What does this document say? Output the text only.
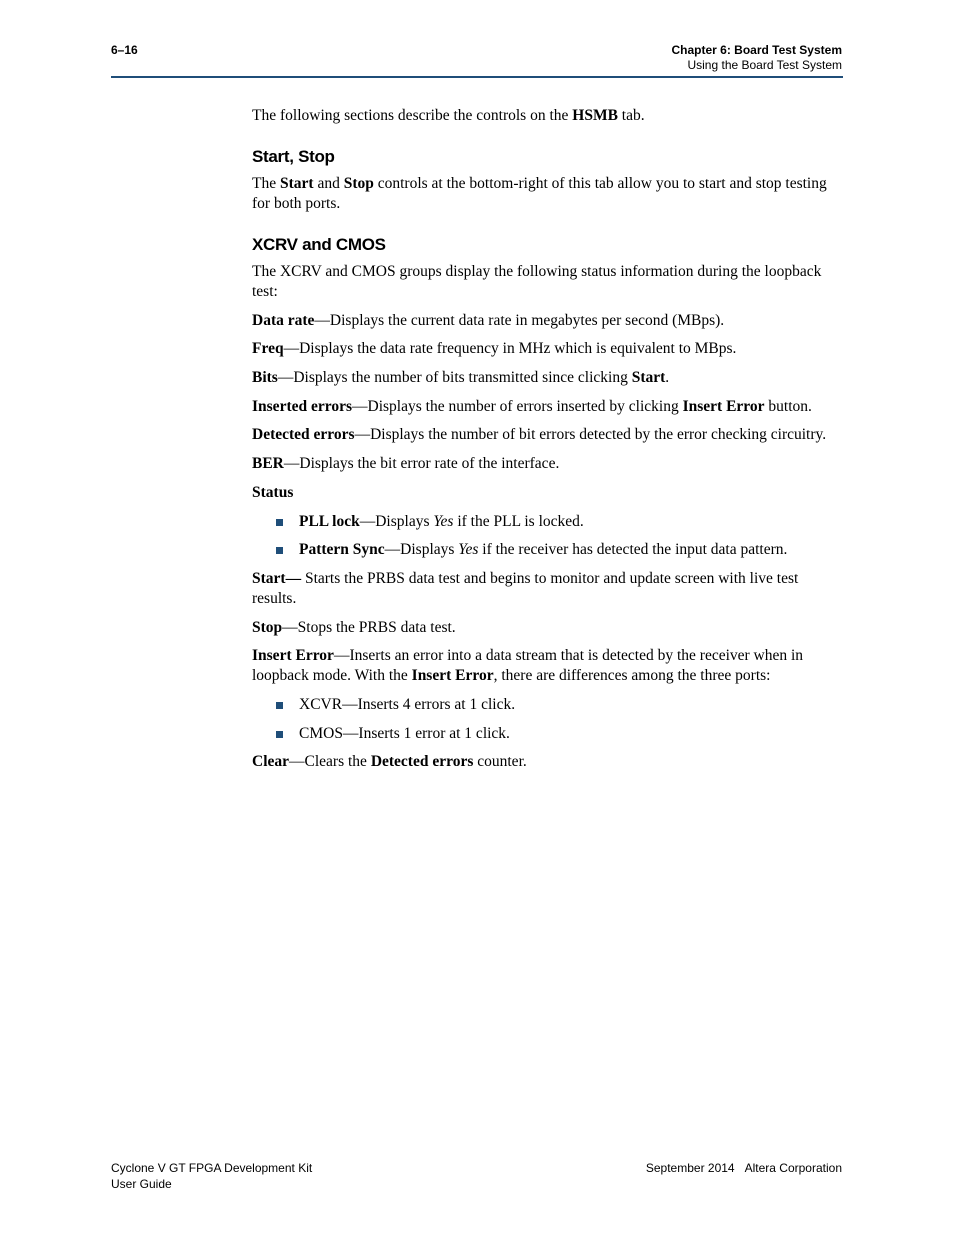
6–16	Chapter 6: Board Test System
Using the Board Test System

The following sections describe the controls on the HSMB tab.

Start, Stop

The Start and Stop controls at the bottom-right of this tab allow you to start and stop testing for both ports.

XCRV and CMOS

The XCRV and CMOS groups display the following status information during the loopback test:

Data rate—Displays the current data rate in megabytes per second (MBps).

Freq—Displays the data rate frequency in MHz which is equivalent to MBps.

Bits—Displays the number of bits transmitted since clicking Start.

Inserted errors—Displays the number of errors inserted by clicking Insert Error button.

Detected errors—Displays the number of bit errors detected by the error checking circuitry.

BER—Displays the bit error rate of the interface.

Status

PLL lock—Displays Yes if the PLL is locked.
Pattern Sync—Displays Yes if the receiver has detected the input data pattern.

Start— Starts the PRBS data test and begins to monitor and update screen with live test results.

Stop—Stops the PRBS data test.

Insert Error—Inserts an error into a data stream that is detected by the receiver when in loopback mode. With the Insert Error, there are differences among the three ports:

XCVR—Inserts 4 errors at 1 click.
CMOS—Inserts 1 error at 1 click.

Clear—Clears the Detected errors counter.

Cyclone V GT FPGA Development Kit
User Guide
September 2014 Altera Corporation
